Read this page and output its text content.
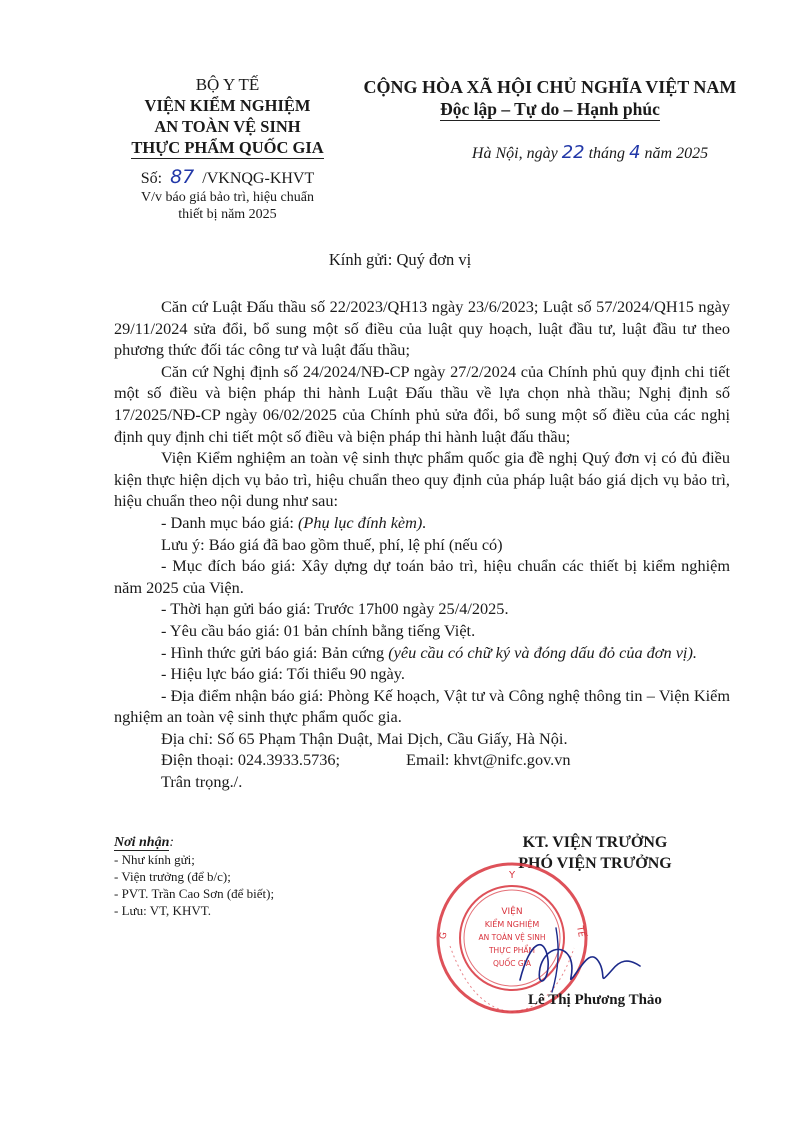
BỘ Y TẾ
VIỆN KIỂM NGHIỆM
AN TOÀN VỆ SINH
THỰC PHẨM QUỐC GIA
Số: 87 /VKNQG-KHVT
V/v báo giá bảo trì, hiệu chuẩn
thiết bị năm 2025
CỘNG HÒA XÃ HỘI CHỦ NGHĨA VIỆT NAM
Độc lập – Tự do – Hạnh phúc
Hà Nội, ngày 22 tháng 4 năm 2025
Kính gửi: Quý đơn vị

Căn cứ Luật Đấu thầu số 22/2023/QH13 ngày 23/6/2023; Luật số 57/2024/QH15 ngày 29/11/2024 sửa đổi, bổ sung một số điều của luật quy hoạch, luật đầu tư, luật đầu tư theo phương thức đối tác công tư và luật đấu thầu;

Căn cứ Nghị định số 24/2024/NĐ-CP ngày 27/2/2024 của Chính phủ quy định chi tiết một số điều và biện pháp thi hành Luật Đấu thầu về lựa chọn nhà thầu; Nghị định số 17/2025/NĐ-CP ngày 06/02/2025 của Chính phủ sửa đổi, bổ sung một số điều của các nghị định quy định chi tiết một số điều và biện pháp thi hành luật đấu thầu;

Viện Kiểm nghiệm an toàn vệ sinh thực phẩm quốc gia đề nghị Quý đơn vị có đủ điều kiện thực hiện dịch vụ bảo trì, hiệu chuẩn theo quy định của pháp luật báo giá dịch vụ bảo trì, hiệu chuẩn theo nội dung như sau:

- Danh mục báo giá: (Phụ lục đính kèm).

Lưu ý: Báo giá đã bao gồm thuế, phí, lệ phí (nếu có)

- Mục đích báo giá: Xây dựng dự toán bảo trì, hiệu chuẩn các thiết bị kiểm nghiệm năm 2025 của Viện.

- Thời hạn gửi báo giá: Trước 17h00 ngày 25/4/2025.

- Yêu cầu báo giá: 01 bản chính bằng tiếng Việt.

- Hình thức gửi báo giá: Bản cứng (yêu cầu có chữ ký và đóng dấu đỏ của đơn vị).

- Hiệu lực báo giá: Tối thiểu 90 ngày.

- Địa điểm nhận báo giá: Phòng Kế hoạch, Vật tư và Công nghệ thông tin – Viện Kiểm nghiệm an toàn vệ sinh thực phẩm quốc gia.

Địa chỉ: Số 65 Phạm Thận Duật, Mai Dịch, Cầu Giấy, Hà Nội.

Điện thoại: 024.3933.5736;	Email: khvt@nifc.gov.vn

Trân trọng./.

Nơi nhận:
- Như kính gửi;
- Viện trưởng (để b/c);
- PVT. Trần Cao Sơn (để biết);
- Lưu: VT, KHVT.
KT. VIỆN TRƯỞNG
PHÓ VIỆN TRƯỞNG
Y
TẾ
G
VIỆN
KIỂM NGHIỆM
AN TOÀN VỆ SINH
THỰC PHẨM
QUỐC GIA
Lê Thị Phương Thảo
